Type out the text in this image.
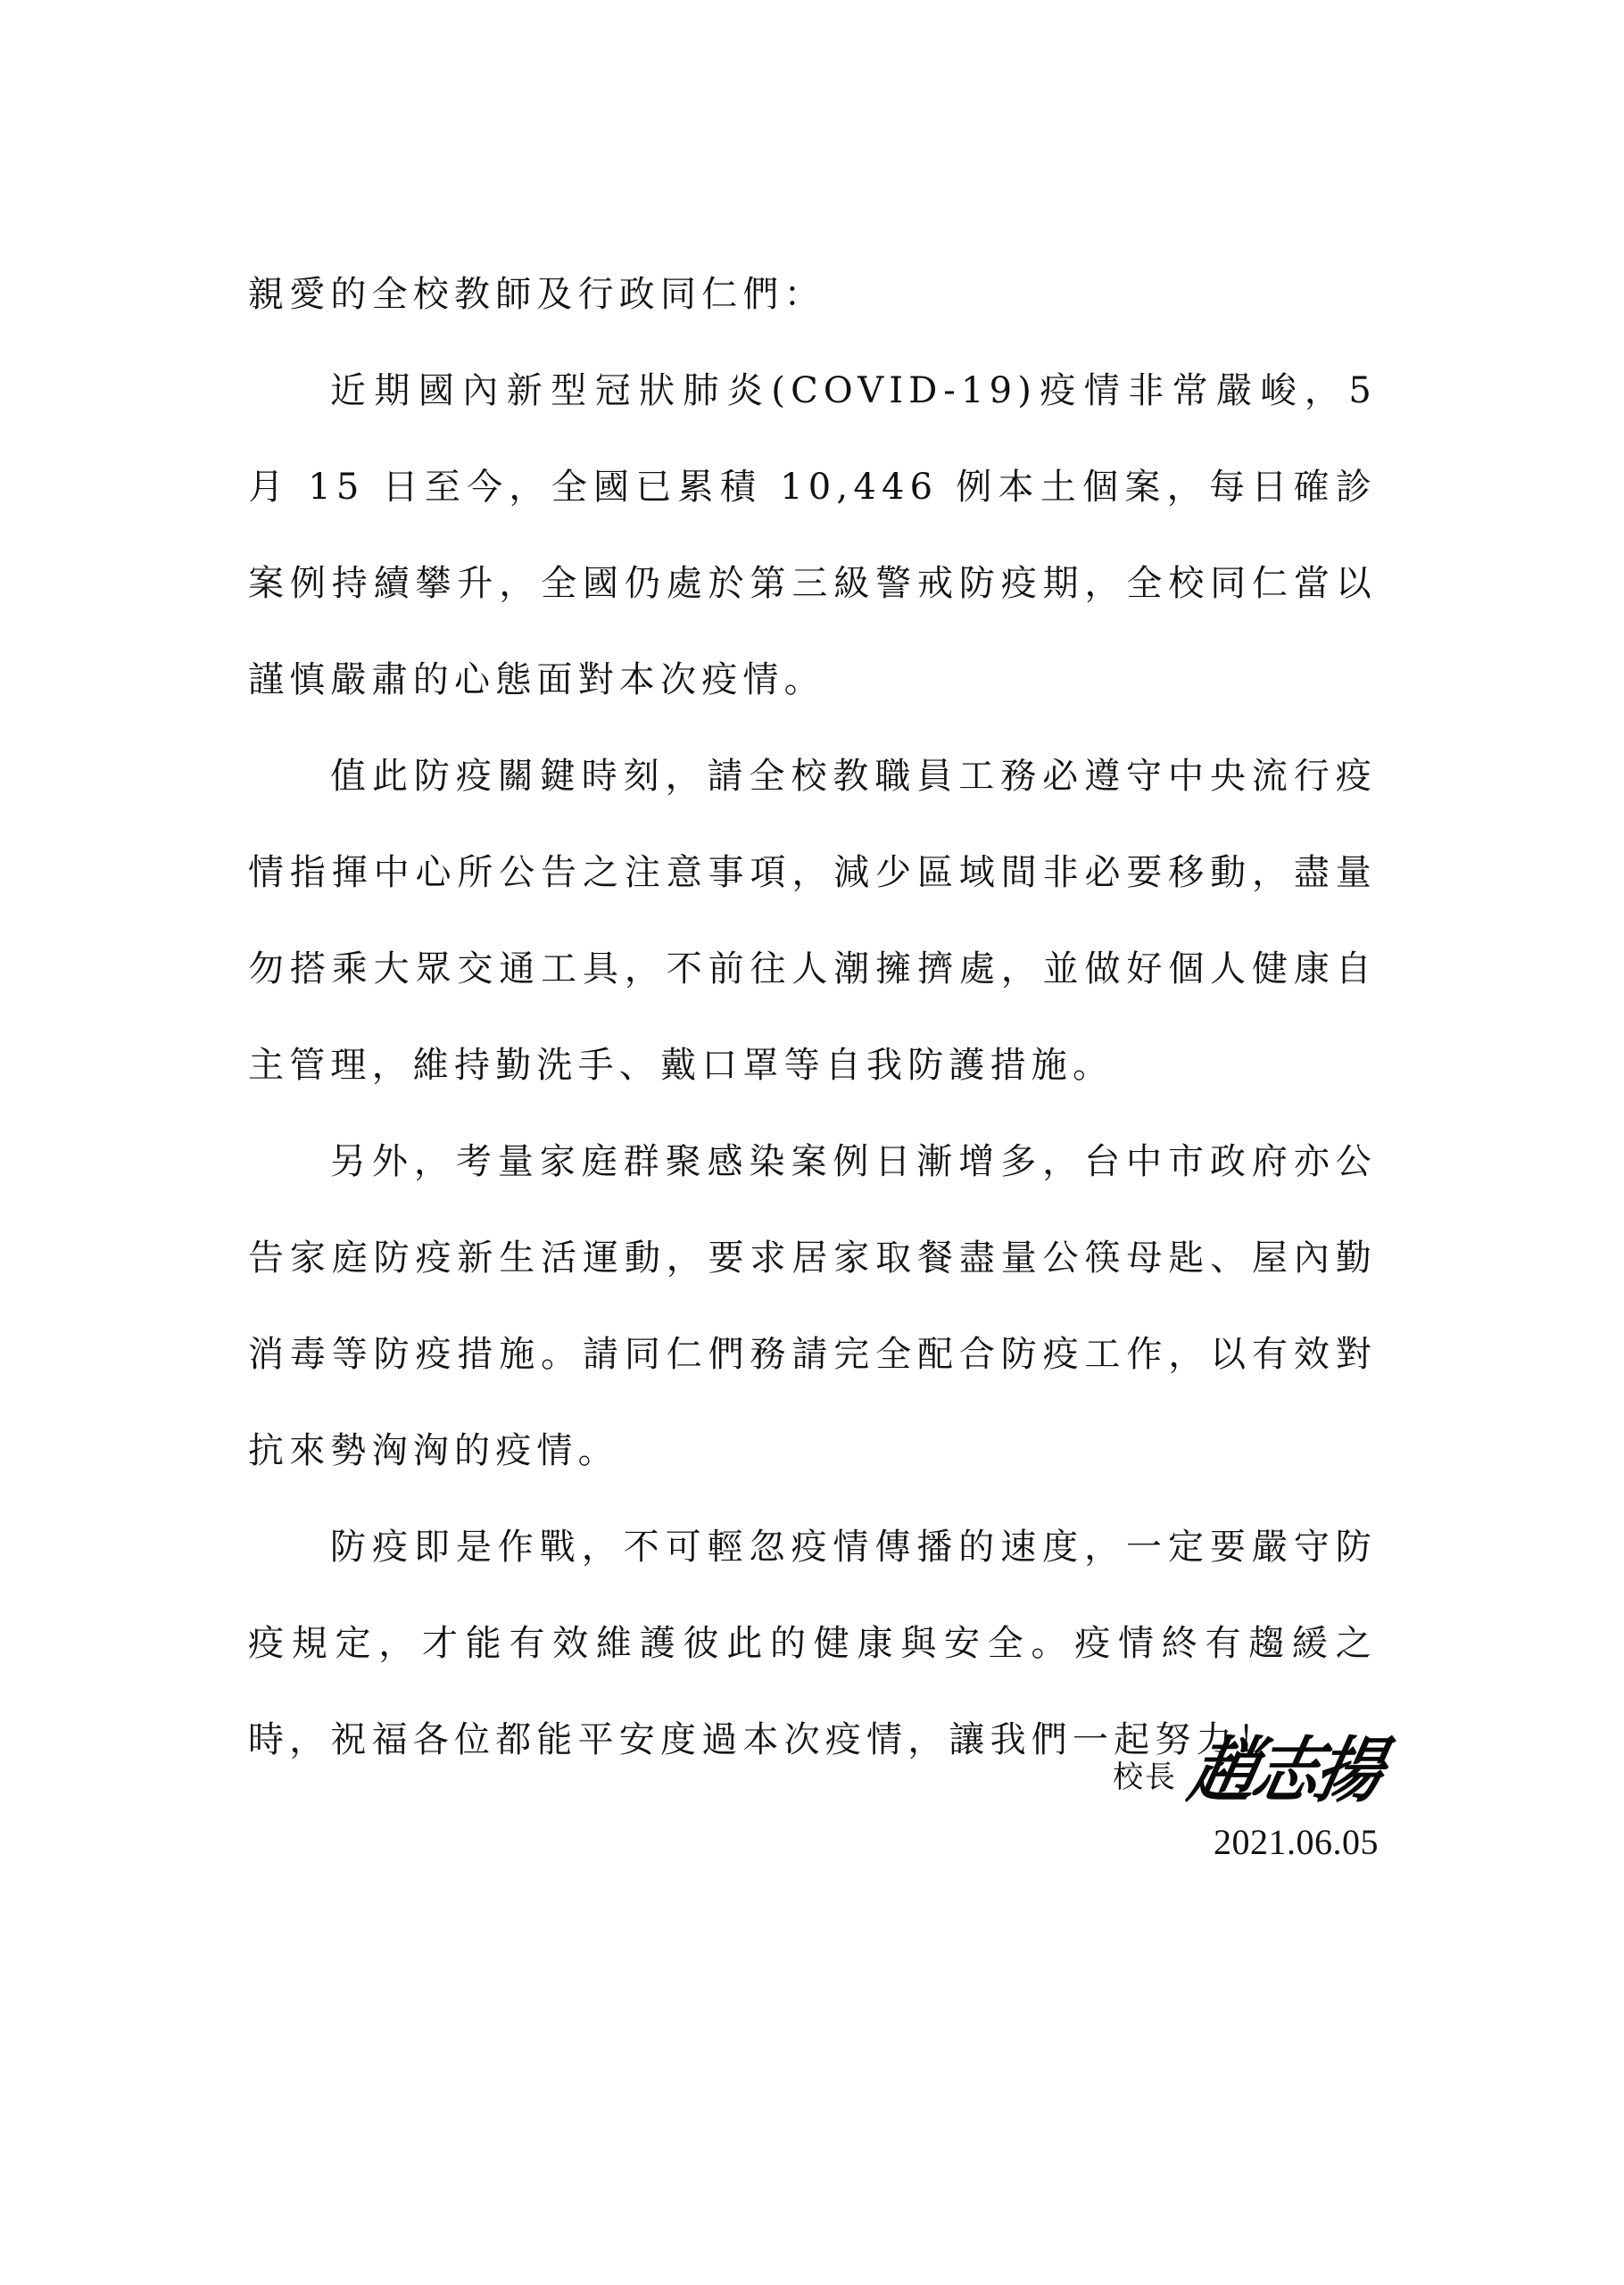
親愛的全校教師及行政同仁們：

近期國內新型冠狀肺炎(COVID-19)疫情非常嚴峻，5 月 15 日至今，全國已累積 10,446 例本土個案，每日確診案例持續攀升，全國仍處於第三級警戒防疫期，全校同仁當以謹慎嚴肅的心態面對本次疫情。

值此防疫關鍵時刻，請全校教職員工務必遵守中央流行疫情指揮中心所公告之注意事項，減少區域間非必要移動，盡量勿搭乘大眾交通工具，不前往人潮擁擠處，並做好個人健康自主管理，維持勤洗手、戴口罩等自我防護措施。

另外，考量家庭群聚感染案例日漸增多，台中市政府亦公告家庭防疫新生活運動，要求居家取餐盡量公筷母匙、屋內勤消毒等防疫措施。請同仁們務請完全配合防疫工作，以有效對抗來勢洶洶的疫情。

防疫即是作戰，不可輕忽疫情傳播的速度，一定要嚴守防疫規定，才能有效維護彼此的健康與安全。疫情終有趨緩之時，祝福各位都能平安度過本次疫情，讓我們一起努力！

校長 趙志揚
2021.06.05
